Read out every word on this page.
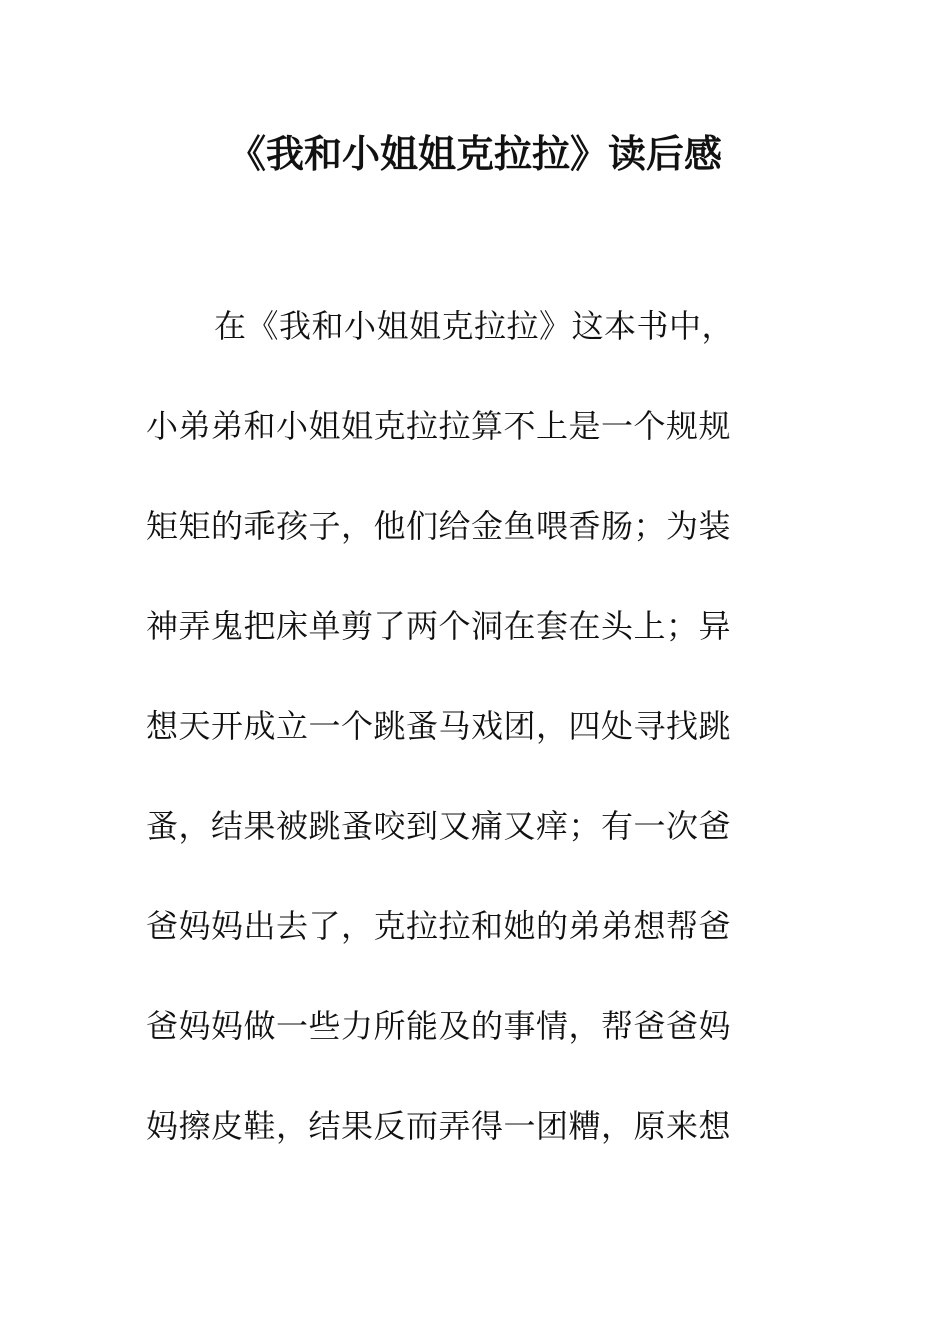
《我和小姐姐克拉拉》读后感
在《我和小姐姐克拉拉》这本书中，
小弟弟和小姐姐克拉拉算不上是一个规规
矩矩的乖孩子，他们给金鱼喂香肠；为装
神弄鬼把床单剪了两个洞在套在头上；异
想天开成立一个跳蚤马戏团，四处寻找跳
蚤，结果被跳蚤咬到又痛又痒；有一次爸
爸妈妈出去了，克拉拉和她的弟弟想帮爸
爸妈妈做一些力所能及的事情，帮爸爸妈
妈擦皮鞋，结果反而弄得一团糟，原来想
